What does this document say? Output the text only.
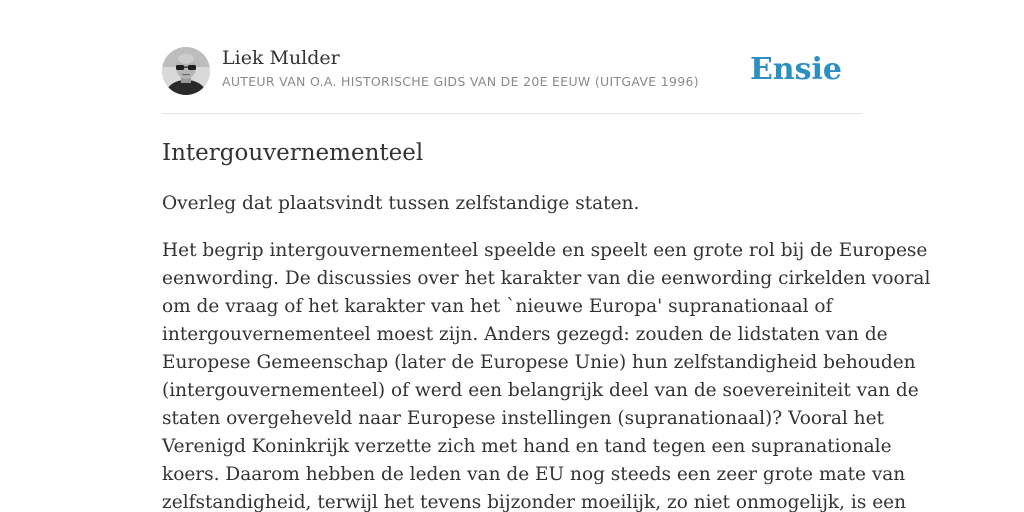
Liek Mulder
AUTEUR VAN O.A. HISTORISCHE GIDS VAN DE 20E EEUW (UITGAVE 1996) Ensie
Intergouvernementeel

Overleg dat plaatsvindt tussen zelfstandige staten.

Het begrip intergouvernementeel speelde en speelt een grote rol bij de Europese
eenwording. De discussies over het karakter van die eenwording cirkelden vooral
om de vraag of het karakter van het `nieuwe Europa' supranationaal of
intergouvernementeel moest zijn. Anders gezegd: zouden de lidstaten van de
Europese Gemeenschap (later de Europese Unie) hun zelfstandigheid behouden
(intergouvernementeel) of werd een belangrijk deel van de soevereiniteit van de
staten overgeheveld naar Europese instellingen (supranationaal)? Vooral het
Verenigd Koninkrijk verzette zich met hand en tand tegen een supranationale
koers. Daarom hebben de leden van de EU nog steeds een zeer grote mate van
zelfstandigheid, terwijl het tevens bijzonder moeilijk, zo niet onmogelijk, is een
